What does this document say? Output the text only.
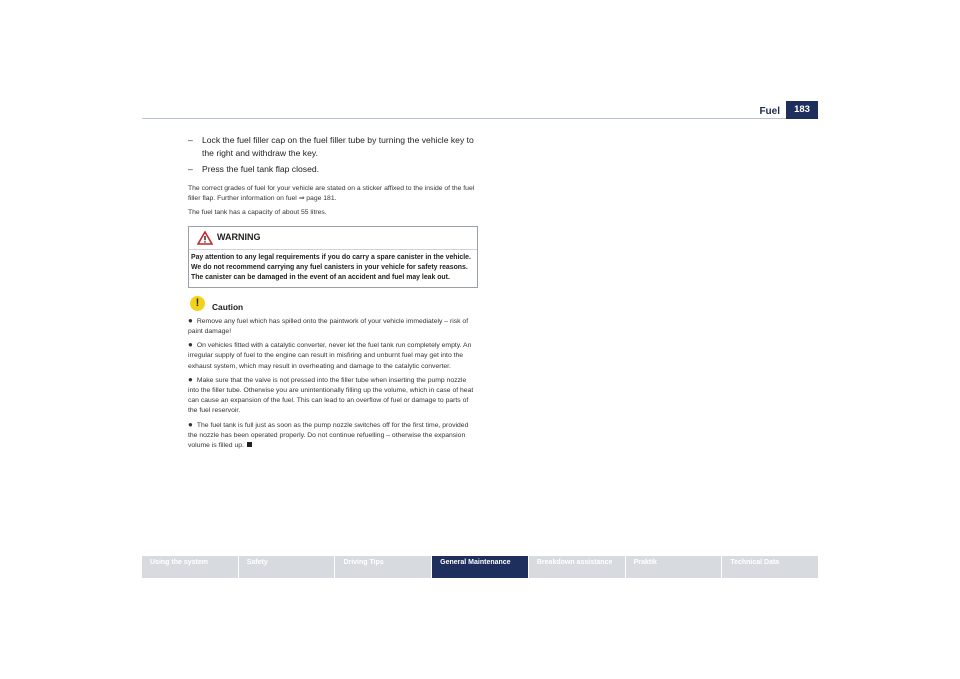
Fuel	183
– Lock the fuel filler cap on the fuel filler tube by turning the vehicle key to the right and withdraw the key.
– Press the fuel tank flap closed.

The correct grades of fuel for your vehicle are stated on a sticker affixed to the inside of the fuel filler flap. Further information on fuel ⇒ page 181.

The fuel tank has a capacity of about 55 litres.

WARNING
Pay attention to any legal requirements if you do carry a spare canister in the vehicle. We do not recommend carrying any fuel canisters in your vehicle for safety reasons. The canister can be damaged in the event of an accident and fuel may leak out.
!	Caution
● Remove any fuel which has spilled onto the paintwork of your vehicle immediately – risk of paint damage!
● On vehicles fitted with a catalytic converter, never let the fuel tank run completely empty. An irregular supply of fuel to the engine can result in misfiring and unburnt fuel may get into the exhaust system, which may result in overheating and damage to the catalytic converter.
● Make sure that the valve is not pressed into the filler tube when inserting the pump nozzle into the filler tube. Otherwise you are unintentionally filling up the volume, which in case of heat can cause an expansion of the fuel. This can lead to an overflow of fuel or damage to parts of the fuel reservoir.
● The fuel tank is full just as soon as the pump nozzle switches off for the first time, provided the nozzle has been operated properly. Do not continue refuelling – otherwise the expansion volume is filled up.
Using the system	Safety	Driving Tips	General Maintenance	Breakdown assistance	Praktik	Technical Data
